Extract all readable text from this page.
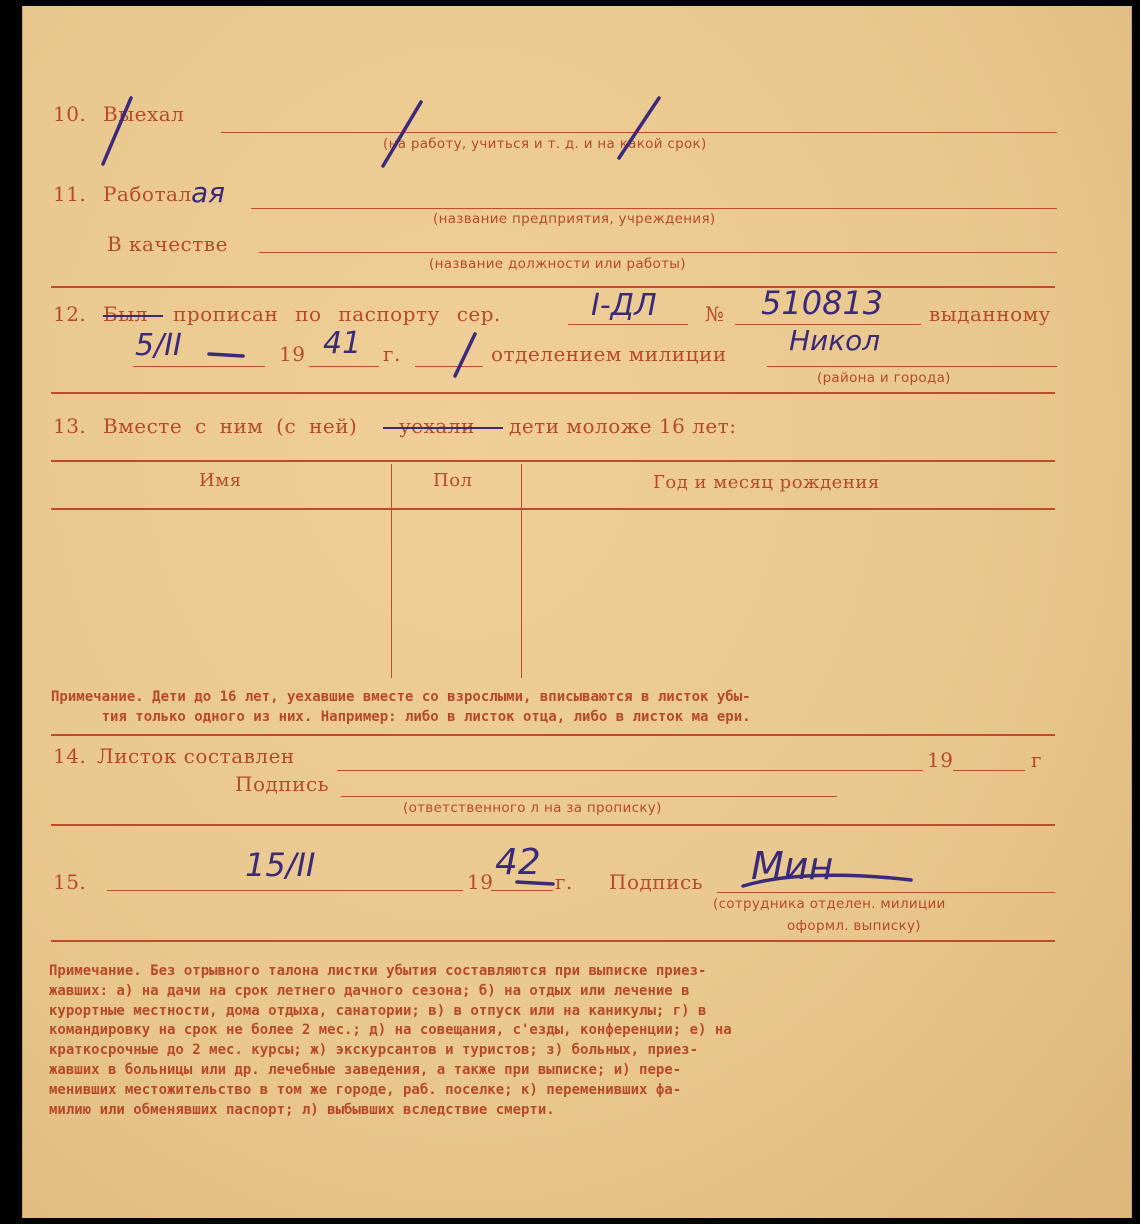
10. Выехал
(на работу, учиться и т. д. и на какой срок)
11. Работал
(название предприятия, учреждения)
В качестве
(название должности или работы)
ая
12. Был прописан по паспорту сер.	№	выданному
I-ДЛ	510813
5/II	19 41 г.	отделением милиции Никол
(района и города)
13. Вместе с ним (с ней) уехали дети моложе 16 лет:
Имя	Пол	Год и месяц рождения
Примечание. Дети до 16 лет, уехавшие вместе со взрослыми, вписываются в листок убы-
тия только одного из них. Например: либо в листок отца, либо в листок ма ери.
14. Листок составлен	19	г
Подпись
(ответственного л на за прописку)
15.	15/II	19 42 г. Подпись Мин
(сотрудника отделен. милиции
оформл. выписку)
Примечание. Без отрывного талона листки убытия составляются при выписке приез-
жавших: а) на дачи на срок летнего дачного сезона; б) на отдых или лечение в
курортные местности, дома отдыха, санатории; в) в отпуск или на каникулы; г) в
командировку на срок не более 2 мес.; д) на совещания, с'езды, конференции; е) на
краткосрочные до 2 мес. курсы; ж) экскурсантов и туристов; з) больных, приез-
жавших в больницы или др. лечебные заведения, а также при выписке; и) пере-
менивших местожительство в том же городе, раб. поселке; к) переменивших фа-
милию или обменявших паспорт; л) выбывших вследствие смерти.
